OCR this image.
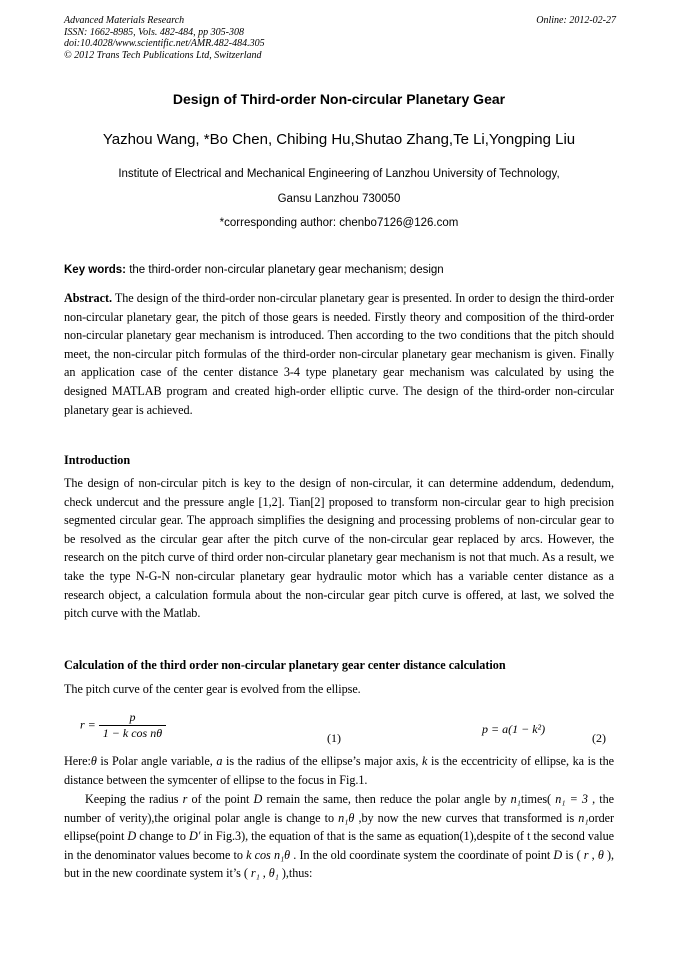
Advanced Materials Research
ISSN: 1662-8985, Vols. 482-484, pp 305-308
doi:10.4028/www.scientific.net/AMR.482-484.305
© 2012 Trans Tech Publications Ltd, Switzerland
Online: 2012-02-27
Design of Third-order Non-circular Planetary Gear
Yazhou Wang, *Bo Chen, Chibing Hu,Shutao Zhang,Te Li,Yongping Liu
Institute of Electrical and Mechanical Engineering of Lanzhou University of Technology,
Gansu Lanzhou 730050
*corresponding author: chenbo7126@126.com
Key words: the third-order non-circular planetary gear mechanism; design

Abstract. The design of the third-order non-circular planetary gear is presented. In order to design the third-order non-circular planetary gear, the pitch of those gears is needed. Firstly theory and composition of the third-order non-circular planetary gear mechanism is introduced. Then according to the two conditions that the pitch should meet, the non-circular pitch formulas of the third-order non-circular planetary gear mechanism is given. Finally an application case of the center distance 3-4 type planetary gear mechanism was calculated by using the designed MATLAB program and created high-order elliptic curve. The design of the third-order non-circular planetary gear is achieved.

Introduction

The design of non-circular pitch is key to the design of non-circular, it can determine addendum, dedendum, check undercut and the pressure angle [1,2]. Tian[2] proposed to transform non-circular gear to high precision segmented circular gear. The approach simplifies the designing and processing problems of non-circular gear to be resolved as the circular gear after the pitch curve of the non-circular gear replaced by arcs. However, the research on the pitch curve of third order non-circular planetary gear mechanism is not that much. As a result, we take the type N-G-N non-circular planetary gear hydraulic motor which has a variable center distance as a research object, a calculation formula about the non-circular gear pitch curve is offered, at last, we solved the pitch curve with the Matlab.

Calculation of the third order non-circular planetary gear center distance calculation

The pitch curve of the center gear is evolved from the ellipse.

$r = \frac{p}{\text{1 − k cos nθ}}$	(1)
p = a(1 − k²)
(2)

Here:θ is Polar angle variable, a is the radius of the ellipse’s major axis, k is the eccentricity of ellipse, ka is the distance between the symcenter of ellipse to the focus in Fig.1.

Keeping the radius r of the point D remain the same, then reduce the polar angle by n₁times( n₁ = 3 , the number of verity),the original polar angle is change to n₁θ ,by now the new curves that transformed is n₁order ellipse(point D change to D′ in Fig.3), the equation of that is the same as equation(1),despite of t the second value in the denominator values become to k cos n₁θ . In the old coordinate system the coordinate of point D is ( r , θ ), but in the new coordinate system it’s ( r₁ , θ₁ ),thus:
